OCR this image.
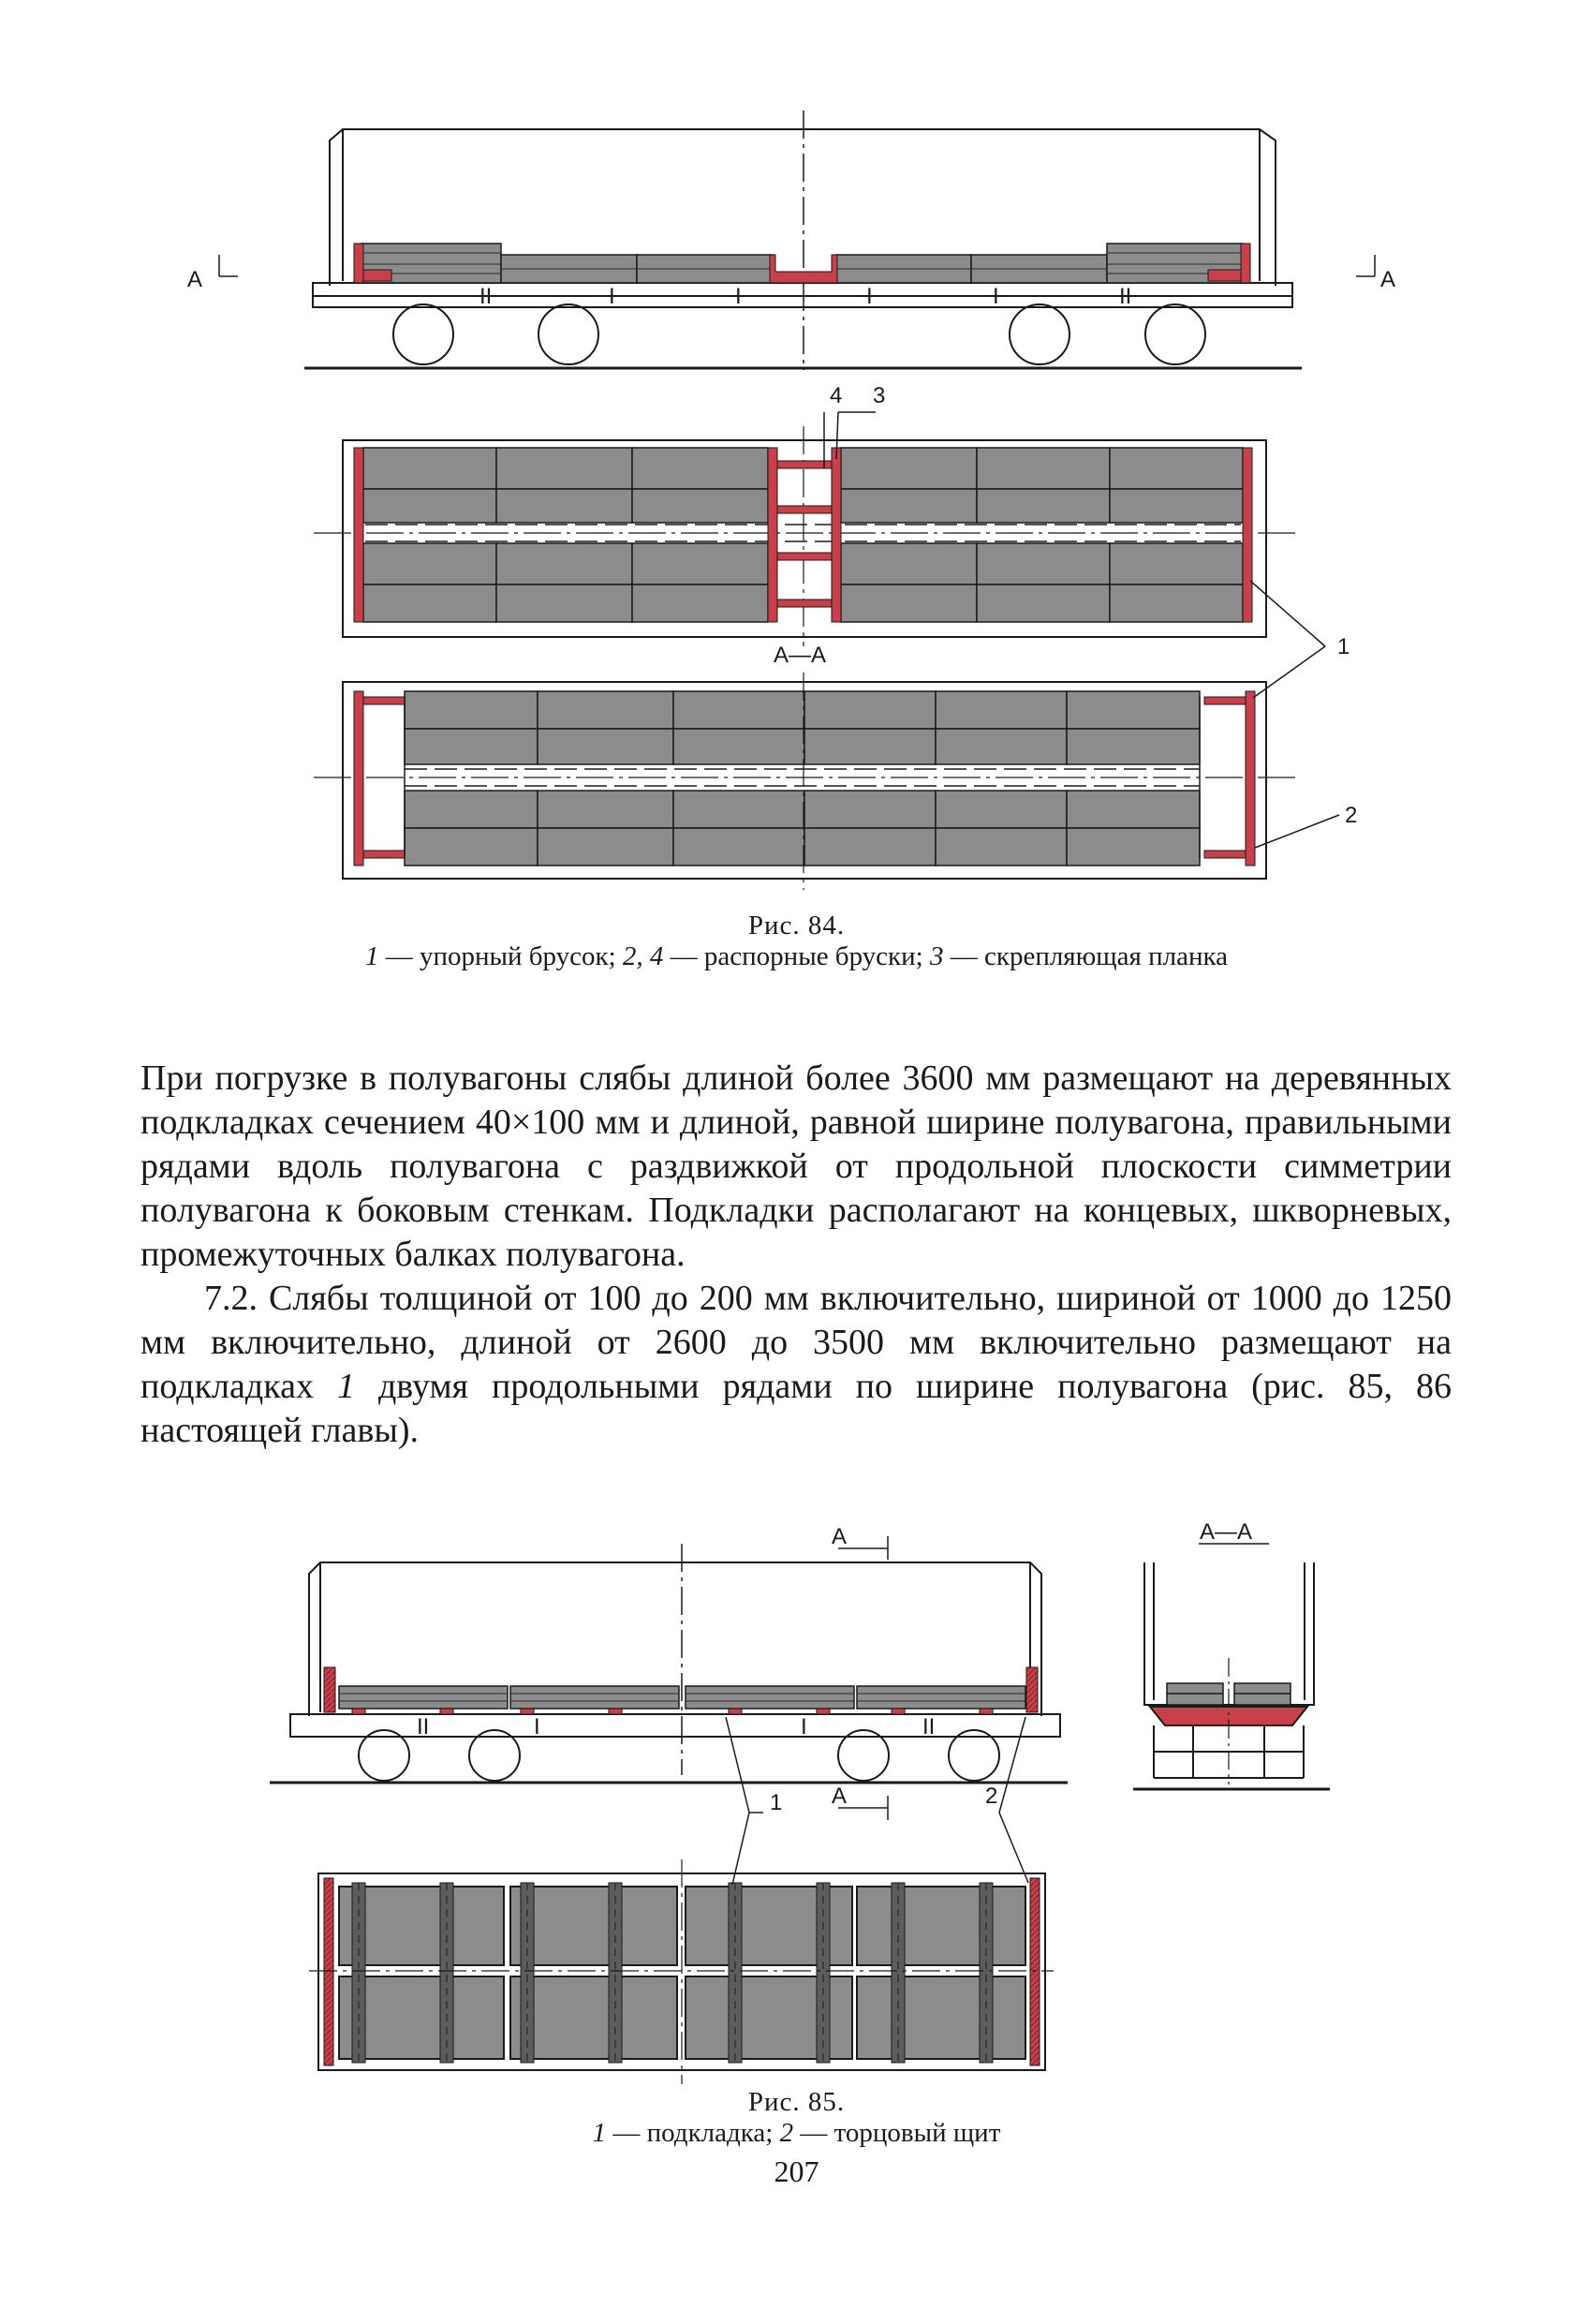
A	A
A—A
4 3
1
2
II	I	I	I	I	II
A
A
A—A
1	2
II	I	I	II
Рис. 84.
1 — упорный брусок; 2, 4 — распорные бруски; 3 — скрепляющая планка

При погрузке в полувагоны слябы длиной более 3600 мм размещают на деревянных подкладках сечением 40×100 мм и длиной, равной ширине полувагона, правильными рядами вдоль полувагона с раздвижкой от продольной плоскости симметрии полувагона к боковым стенкам. Подкладки располагают на концевых, шкворневых, промежуточных балках полувагона.

7.2. Слябы толщиной от 100 до 200 мм включительно, шириной от 1000 до 1250 мм включительно, длиной от 2600 до 3500 мм включительно размещают на подкладках 1 двумя продольными рядами по ширине полувагона (рис. 85, 86 настоящей главы).

Рис. 85.
1 — подкладка; 2 — торцовый щит
207
